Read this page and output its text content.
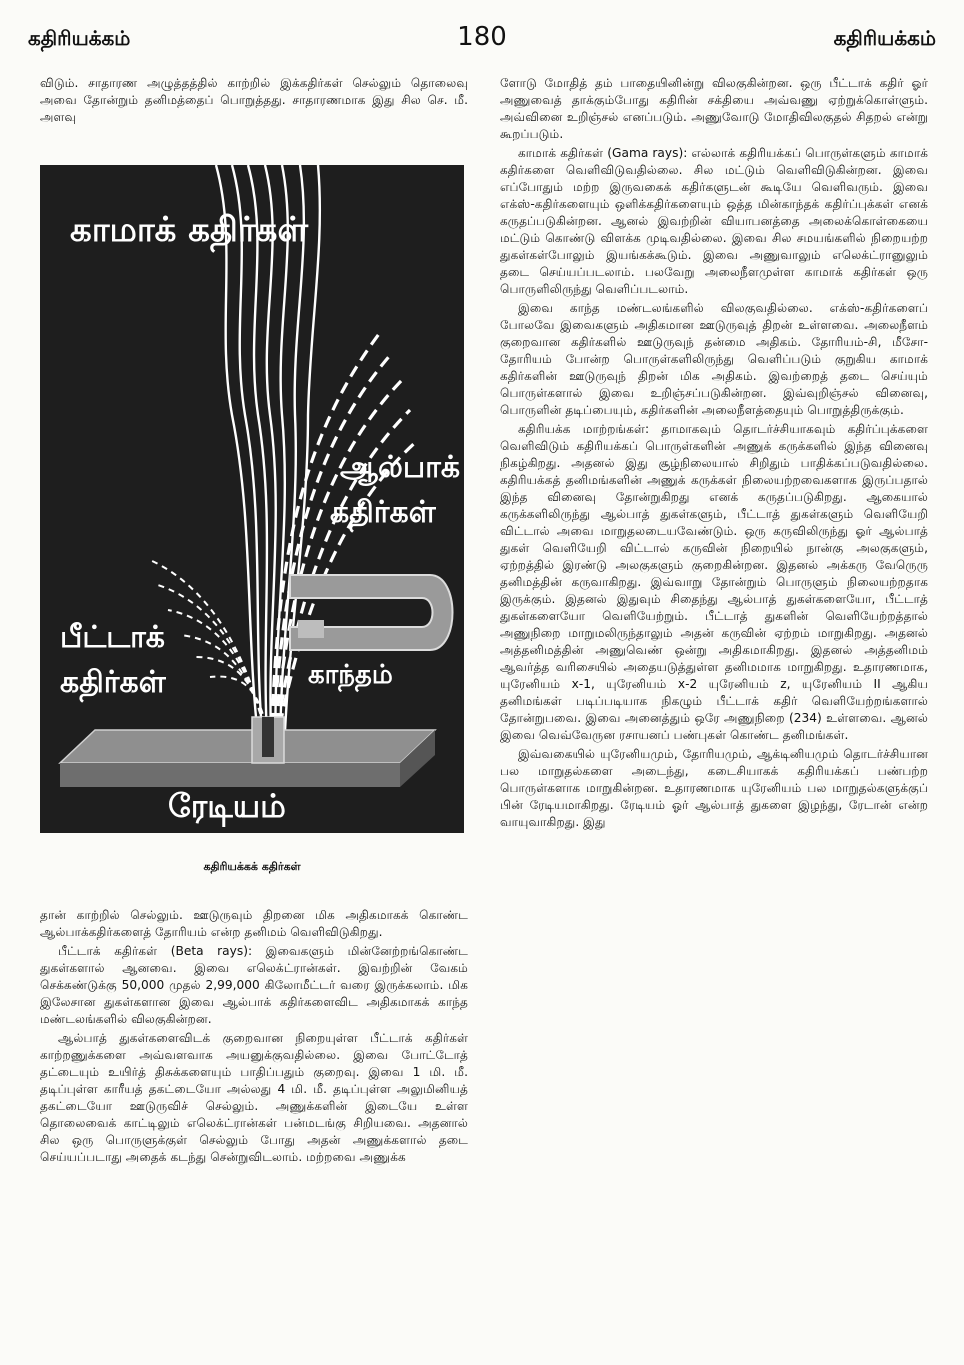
கதிரியக்கம்	180	கதிரியக்கம்

விடும். சாதாரண அழுத்தத்தில் காற்றில் இக்கதிர்கள் செல்லும் தொலைவு அவை தோன்றும் தனிமத்தைப் பொறுத்தது. சாதாரணமாக இது சில செ. மீ. அளவு

காமாக் கதிர்கள்
ஆல்பாக்
கதிர்கள்
பீட்டாக்
கதிர்கள்	காந்தம்
ரேடியம்
கதிரியக்கக் கதிர்கள்

தான் காற்றில் செல்லும். ஊடுருவும் திறனை மிக அதிகமாகக் கொண்ட ஆல்பாக்கதிர்களைத் தோரியம் என்ற தனிமம் வெளிவிடுகிறது.

பீட்டாக் கதிர்கள் (Beta rays): இவைகளும் மின்னேற்றங்கொண்ட துகள்களால் ஆனவை. இவை எலெக்ட்ரான்கள். இவற்றின் வேகம் செக்கண்டுக்கு 50,000 முதல் 2,99,000 கிலோமீட்டர் வரை இருக்கலாம். மிக இலேசான துகள்களான இவை ஆல்பாக் கதிர்களைவிட அதிகமாகக் காந்த மண்டலங்களில் விலகுகின்றன.

ஆல்பாத் துகள்களைவிடக் குறைவான நிறையுள்ள பீட்டாக் கதிர்கள் காற்றணுக்களை அவ்வளவாக அயனுக்குவதில்லை. இவை போட்டோத் தட்டையும் உயிர்த் திசுக்களையும் பாதிப்பதும் குறைவு. இவை 1 மி. மீ. தடிப்புள்ள காரீயத் தகட்டையோ அல்லது 4 மி. மீ. தடிப்புள்ள அலுமினியத் தகட்டையோ ஊடுருவிச் செல்லும். அணுக்களின் இடையே உள்ள தொலைவைக் காட்டிலும் எலெக்ட்ரான்கள் பன்மடங்கு சிறியவை. அதனால் சில ஒரு பொருளுக்குள் செல்லும் போது அதன் அணுக்களால் தடை செய்யப்படாது அதைக் கடந்து சென்றுவிடலாம். மற்றவை அணுக்க

ளோடு மோதித் தம் பாதையினின்று விலகுகின்றன. ஒரு பீட்டாக் கதிர் ஓர் அணுவைத் தாக்கும்போது கதிரின் சக்தியை அவ்வணு ஏற்றுக்கொள்ளும். அவ்வினை உறிஞ்சல் எனப்படும். அணுவோடு மோதிவிலகுதல் சிதறல் என்று கூறப்படும்.

காமாக் கதிர்கள் (Gama rays): எல்லாக் கதிரியக்கப் பொருள்களும் காமாக் கதிர்களை வெளிவிடுவதில்லை. சில மட்டும் வெளிவிடுகின்றன. இவை எப்போதும் மற்ற இருவகைக் கதிர்களுடன் கூடியே வெளிவரும். இவை எக்ஸ்-கதிர்களையும் ஒளிக்கதிர்களையும் ஒத்த மின்காந்தக் கதிர்ப்புக்கள் எனக் கருதப்படுகின்றன. ஆனல் இவற்றின் வியாபனத்தை அலைக்கொள்கையை மட்டும் கொண்டு விளக்க முடிவதில்லை. இவை சில சமயங்களில் நிறையற்ற துகள்கள்போலும் இயங்கக்கூடும். இவை அணுவாலும் எலெக்ட்ரானுலும் தடை செய்யப்படலாம். பலவேறு அலைநீளமுள்ள காமாக் கதிர்கள் ஒரு பொருளிலிருந்து வெளிப்படலாம்.

இவை காந்த மண்டலங்களில் விலகுவதில்லை. எக்ஸ்-கதிர்களைப் போலவே இவைகளும் அதிகமான ஊடுருவுத் திறன் உள்ளவை. அலைநீளம் குறைவான கதிர்களில் ஊடுருவுந் தன்மை அதிகம். தோரியம்-சி, மீசோ-தோரியம் போன்ற பொருள்களிலிருந்து வெளிப்படும் குறுகிய காமாக் கதிர்களின் ஊடுருவுந் திறன் மிக அதிகம். இவற்றைத் தடை செய்யும் பொருள்களால் இவை உறிஞ்சப்படுகின்றன. இவ்வுறிஞ்சல் வினைவு, பொருளின் தடிப்பையும், கதிர்களின் அலைநீளத்தையும் பொறுத்திருக்கும்.

கதிரியக்க மாற்றங்கள்: தாமாகவும் தொடர்ச்சியாகவும் கதிர்ப்புக்களை வெளிவிடும் கதிரியக்கப் பொருள்களின் அணுக் கருக்களில் இந்த வினைவு நிகழ்கிறது. அதனல் இது சூழ்நிலையால் சிறிதும் பாதிக்கப்படுவதில்லை. கதிரியக்கத் தனிமங்களின் அணுக் கருக்கள் நிலையற்றவைகளாக இருப்பதால் இந்த வினைவு தோன்றுகிறது எனக் கருதப்படுகிறது. ஆகையால் கருக்களிலிருந்து ஆல்பாத் துகள்களும், பீட்டாத் துகள்களும் வெளியேறி விட்டால் அவை மாறுதலடையவேண்டும். ஒரு கருவிலிருந்து ஓர் ஆல்பாத் துகள் வெளியேறி விட்டால் கருவின் நிறையில் நான்கு அலகுகளும், ஏற்றத்தில் இரண்டு அலகுகளும் குறைகின்றன. இதனல் அக்கரு வேருெரு தனிமத்தின் கருவாகிறது. இவ்வாறு தோன்றும் பொருளும் நிலையற்றதாக இருக்கும். இதனல் இதுவும் சிதைந்து ஆல்பாத் துகள்களையோ, பீட்டாத் துகள்களையோ வெளியேற்றும். பீட்டாத் துகளின் வெளியேற்றத்தால் அணுநிறை மாறுமலிருந்தாலும் அதன் கருவின் ஏற்றம் மாறுகிறது. அதனல் அத்தனிமத்தின் அணுவெண் ஒன்று அதிகமாகிறது. இதனல் அத்தனிமம் ஆவர்த்த வரிசையில் அதையடுத்துள்ள தனிமமாக மாறுகிறது. உதாரணமாக, யுரேனியம் x-1, யுரேனியம் x-2 யுரேனியம் z, யுரேனியம் II ஆகிய தனிமங்கள் படிப்படியாக நிகழும் பீட்டாக் கதிர் வெளியேற்றங்களால் தோன்றுபவை. இவை அனைத்தும் ஒரே அணுநிறை (234) உள்ளவை. ஆனல் இவை வெவ்வேருன ரசாயனப் பண்புகள் கொண்ட தனிமங்கள்.

இவ்வகையில் யுரேனியமும், தோரியமும், ஆக்டினியமும் தொடர்ச்சியான பல மாறுதல்களை அடைந்து, கடைசியாகக் கதிரியக்கப் பண்பற்ற பொருள்களாக மாறுகின்றன. உதாரணமாக யுரேனியம் பல மாறுதல்களுக்குப் பின் ரேடியமாகிறது. ரேடியம் ஓர் ஆல்பாத் துகளை இழந்து, ரேடான் என்ற வாயுவாகிறது. இது
